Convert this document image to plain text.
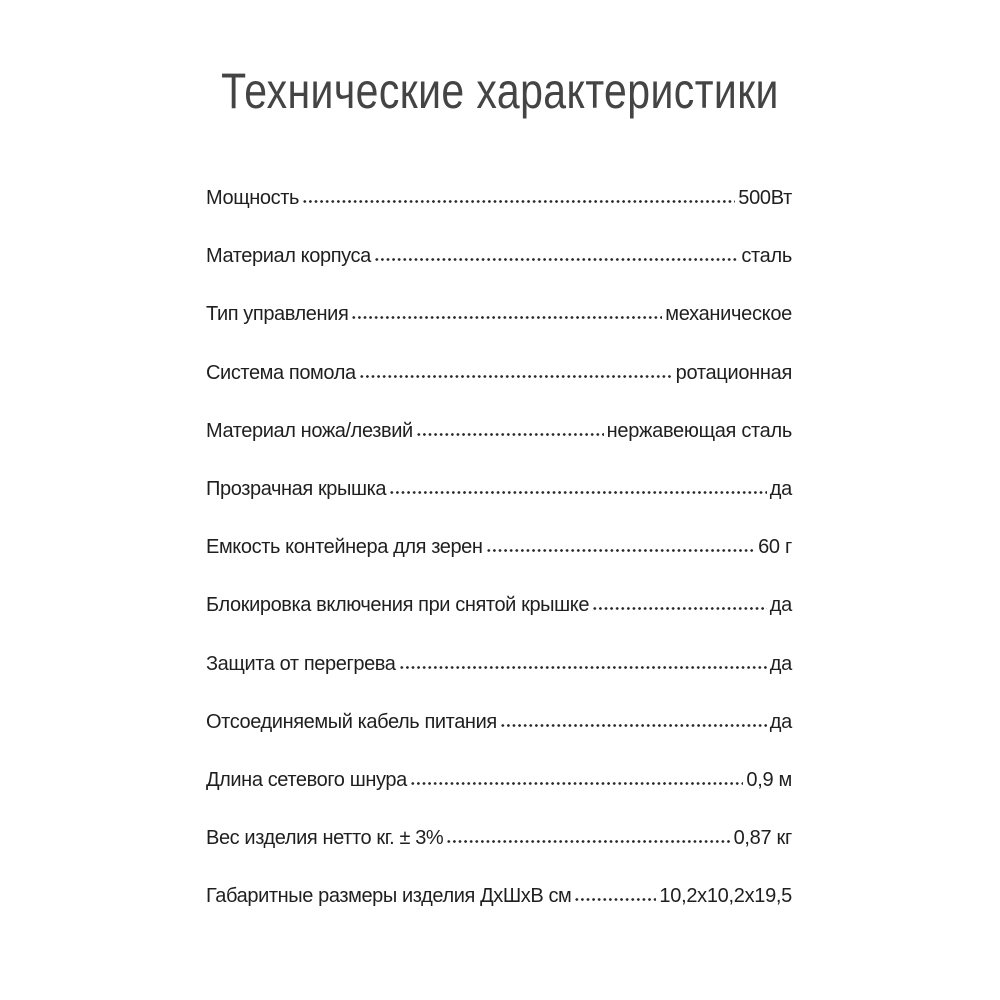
Технические характеристики
Мощность	500Вт
Материал корпуса	сталь
Тип управления	механическое
Система помола	ротационная
Материал ножа/лезвий	нержавеющая сталь
Прозрачная крышка	да
Емкость контейнера для зерен	60 г
Блокировка включения при снятой крышке	да
Защита от перегрева	да
Отсоединяемый кабель питания	да
Длина сетевого шнура	0,9 м
Вес изделия нетто кг. ± 3%	0,87 кг
Габаритные размеры изделия ДхШхВ см	10,2x10,2x19,5
